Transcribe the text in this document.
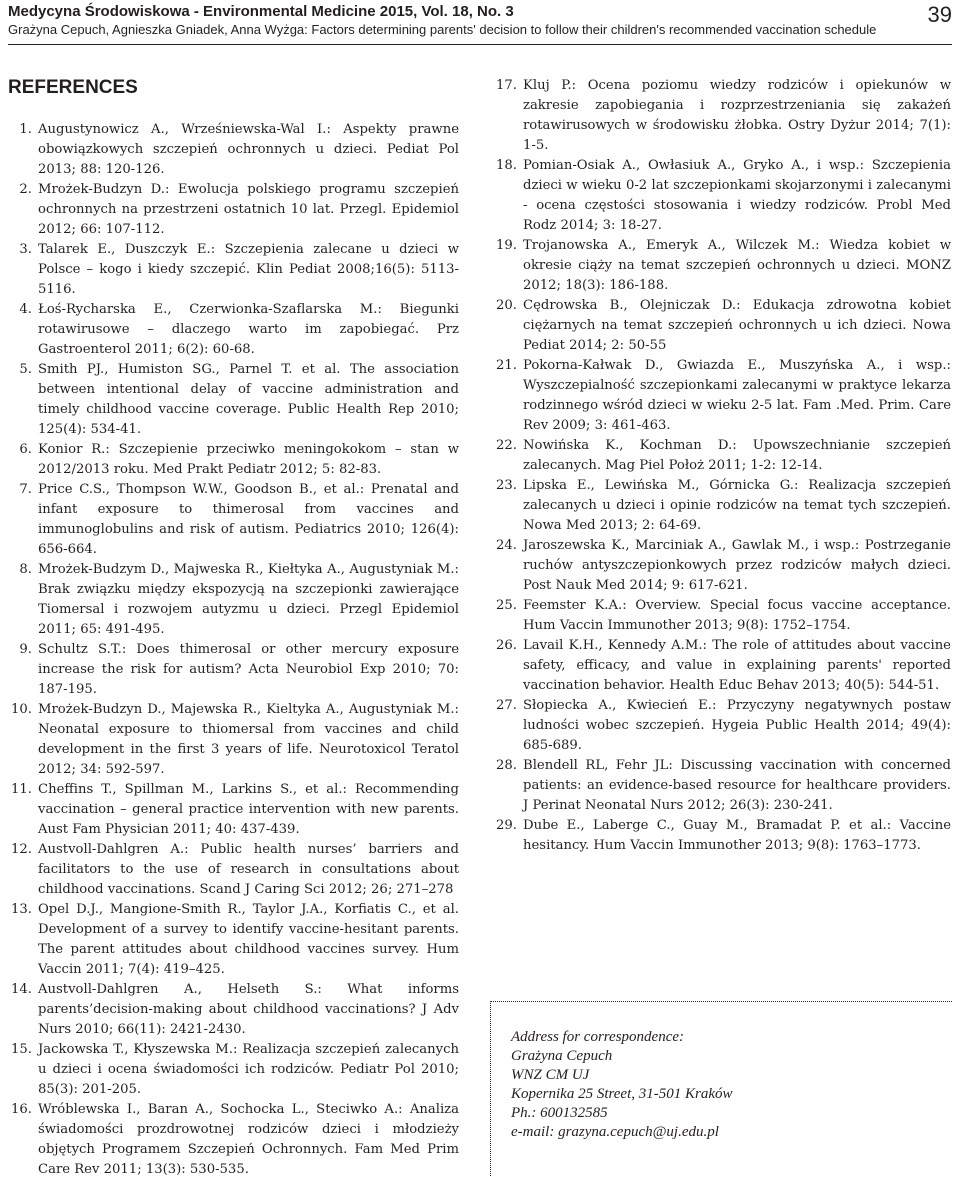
Medycyna Środowiskowa - Environmental Medicine 2015, Vol. 18, No. 3
Grażyna Cepuch, Agnieszka Gniadek, Anna Wyżga: Factors determining parents' decision to follow their children's recommended vaccination schedule
39
REFERENCES
1. Augustynowicz A., Wrześniewska-Wal I.: Aspekty prawne obowiązkowych szczepień ochronnych u dzieci. Pediat Pol 2013; 88: 120-126.
2. Mrożek-Budzyn D.: Ewolucja polskiego programu szczepień ochronnych na przestrzeni ostatnich 10 lat. Przegl. Epidemiol 2012; 66: 107-112.
3. Talarek E., Duszczyk E.: Szczepienia zalecane u dzieci w Polsce – kogo i kiedy szczepić. Klin Pediat 2008;16(5): 5113-5116.
4. Łoś-Rycharska E., Czerwionka-Szaflarska M.: Biegunki rotawirusowe – dlaczego warto im zapobiegać. Prz Gastroenterol 2011; 6(2): 60-68.
5. Smith PJ., Humiston SG., Parnel T. et al. The association between intentional delay of vaccine administration and timely childhood vaccine coverage. Public Health Rep 2010; 125(4): 534-41.
6. Konior R.: Szczepienie przeciwko meningokokom – stan w 2012/2013 roku. Med Prakt Pediatr 2012; 5: 82-83.
7. Price C.S., Thompson W.W., Goodson B., et al.: Prenatal and infant exposure to thimerosal from vaccines and immunoglobulins and risk of autism. Pediatrics 2010; 126(4): 656-664.
8. Mrożek-Budzym D., Majweska R., Kiełtyka A., Augustyniak M.: Brak związku między ekspozycją na szczepionki zawierające Tiomersal i rozwojem autyzmu u dzieci. Przegl Epidemiol 2011; 65: 491-495.
9. Schultz S.T.: Does thimerosal or other mercury exposure increase the risk for autism? Acta Neurobiol Exp 2010; 70: 187-195.
10. Mrożek-Budzyn D., Majewska R., Kieltyka A., Augustyniak M.: Neonatal exposure to thiomersal from vaccines and child development in the first 3 years of life. Neurotoxicol Teratol 2012; 34: 592-597.
11. Cheffins T., Spillman M., Larkins S., et al.: Recommending vaccination – general practice intervention with new parents. Aust Fam Physician 2011; 40: 437-439.
12. Austvoll-Dahlgren A.: Public health nurses’ barriers and facilitators to the use of research in consultations about childhood vaccinations. Scand J Caring Sci 2012; 26; 271–278
13. Opel D.J., Mangione-Smith R., Taylor J.A., Korfiatis C., et al. Development of a survey to identify vaccine-hesitant parents. The parent attitudes about childhood vaccines survey. Hum Vaccin 2011; 7(4): 419–425.
14. Austvoll-Dahlgren A., Helseth S.: What informs parents’decision-making about childhood vaccinations? J Adv Nurs 2010; 66(11): 2421-2430.
15. Jackowska T., Kłyszewska M.: Realizacja szczepień zalecanych u dzieci i ocena świadomości ich rodziców. Pediatr Pol 2010; 85(3): 201-205.
16. Wróblewska I., Baran A., Sochocka L., Steciwko A.: Analiza świadomości prozdrowotnej rodziców dzieci i młodzieży objętych Programem Szczepień Ochronnych. Fam Med Prim Care Rev 2011; 13(3): 530-535.
17. Kluj P.: Ocena poziomu wiedzy rodziców i opiekunów w zakresie zapobiegania i rozprzestrzeniania się zakażeń rotawirusowych w środowisku żłobka. Ostry Dyżur 2014; 7(1): 1-5.
18. Pomian-Osiak A., Owłasiuk A., Gryko A., i wsp.: Szczepienia dzieci w wieku 0-2 lat szczepionkami skojarzonymi i zalecanymi - ocena częstości stosowania i wiedzy rodziców. Probl Med Rodz 2014; 3: 18-27.
19. Trojanowska A., Emeryk A., Wilczek M.: Wiedza kobiet w okresie ciąży na temat szczepień ochronnych u dzieci. MONZ 2012; 18(3): 186-188.
20. Cędrowska B., Olejniczak D.: Edukacja zdrowotna kobiet ciężarnych na temat szczepień ochronnych u ich dzieci. Nowa Pediat 2014; 2: 50-55
21. Pokorna-Kałwak D., Gwiazda E., Muszyńska A., i wsp.: Wyszczepialność szczepionkami zalecanymi w praktyce lekarza rodzinnego wśród dzieci w wieku 2-5 lat. Fam .Med. Prim. Care Rev 2009; 3: 461-463.
22. Nowińska K., Kochman D.: Upowszechnianie szczepień zalecanych. Mag Piel Położ 2011; 1-2: 12-14.
23. Lipska E., Lewińska M., Górnicka G.: Realizacja szczepień zalecanych u dzieci i opinie rodziców na temat tych szczepień. Nowa Med 2013; 2: 64-69.
24. Jaroszewska K., Marciniak A., Gawlak M., i wsp.: Postrzeganie ruchów antyszczepionkowych przez rodziców małych dzieci. Post Nauk Med 2014; 9: 617-621.
25. Feemster K.A.: Overview. Special focus vaccine acceptance. Hum Vaccin Immunother 2013; 9(8): 1752–1754.
26. Lavail K.H., Kennedy A.M.: The role of attitudes about vaccine safety, efficacy, and value in explaining parents' reported vaccination behavior. Health Educ Behav 2013; 40(5): 544-51.
27. Słopiecka A., Kwiecień E.: Przyczyny negatywnych postaw ludności wobec szczepień. Hygeia Public Health 2014; 49(4): 685-689.
28. Blendell RL, Fehr JL: Discussing vaccination with concerned patients: an evidence-based resource for healthcare providers. J Perinat Neonatal Nurs 2012; 26(3): 230-241.
29. Dube E., Laberge C., Guay M., Bramadat P. et al.: Vaccine hesitancy. Hum Vaccin Immunother 2013; 9(8): 1763–1773.
Address for correspondence:
Grażyna Cepuch
WNZ CM UJ
Kopernika 25 Street, 31-501 Kraków
Ph.: 600132585
e-mail: grazyna.cepuch@uj.edu.pl
